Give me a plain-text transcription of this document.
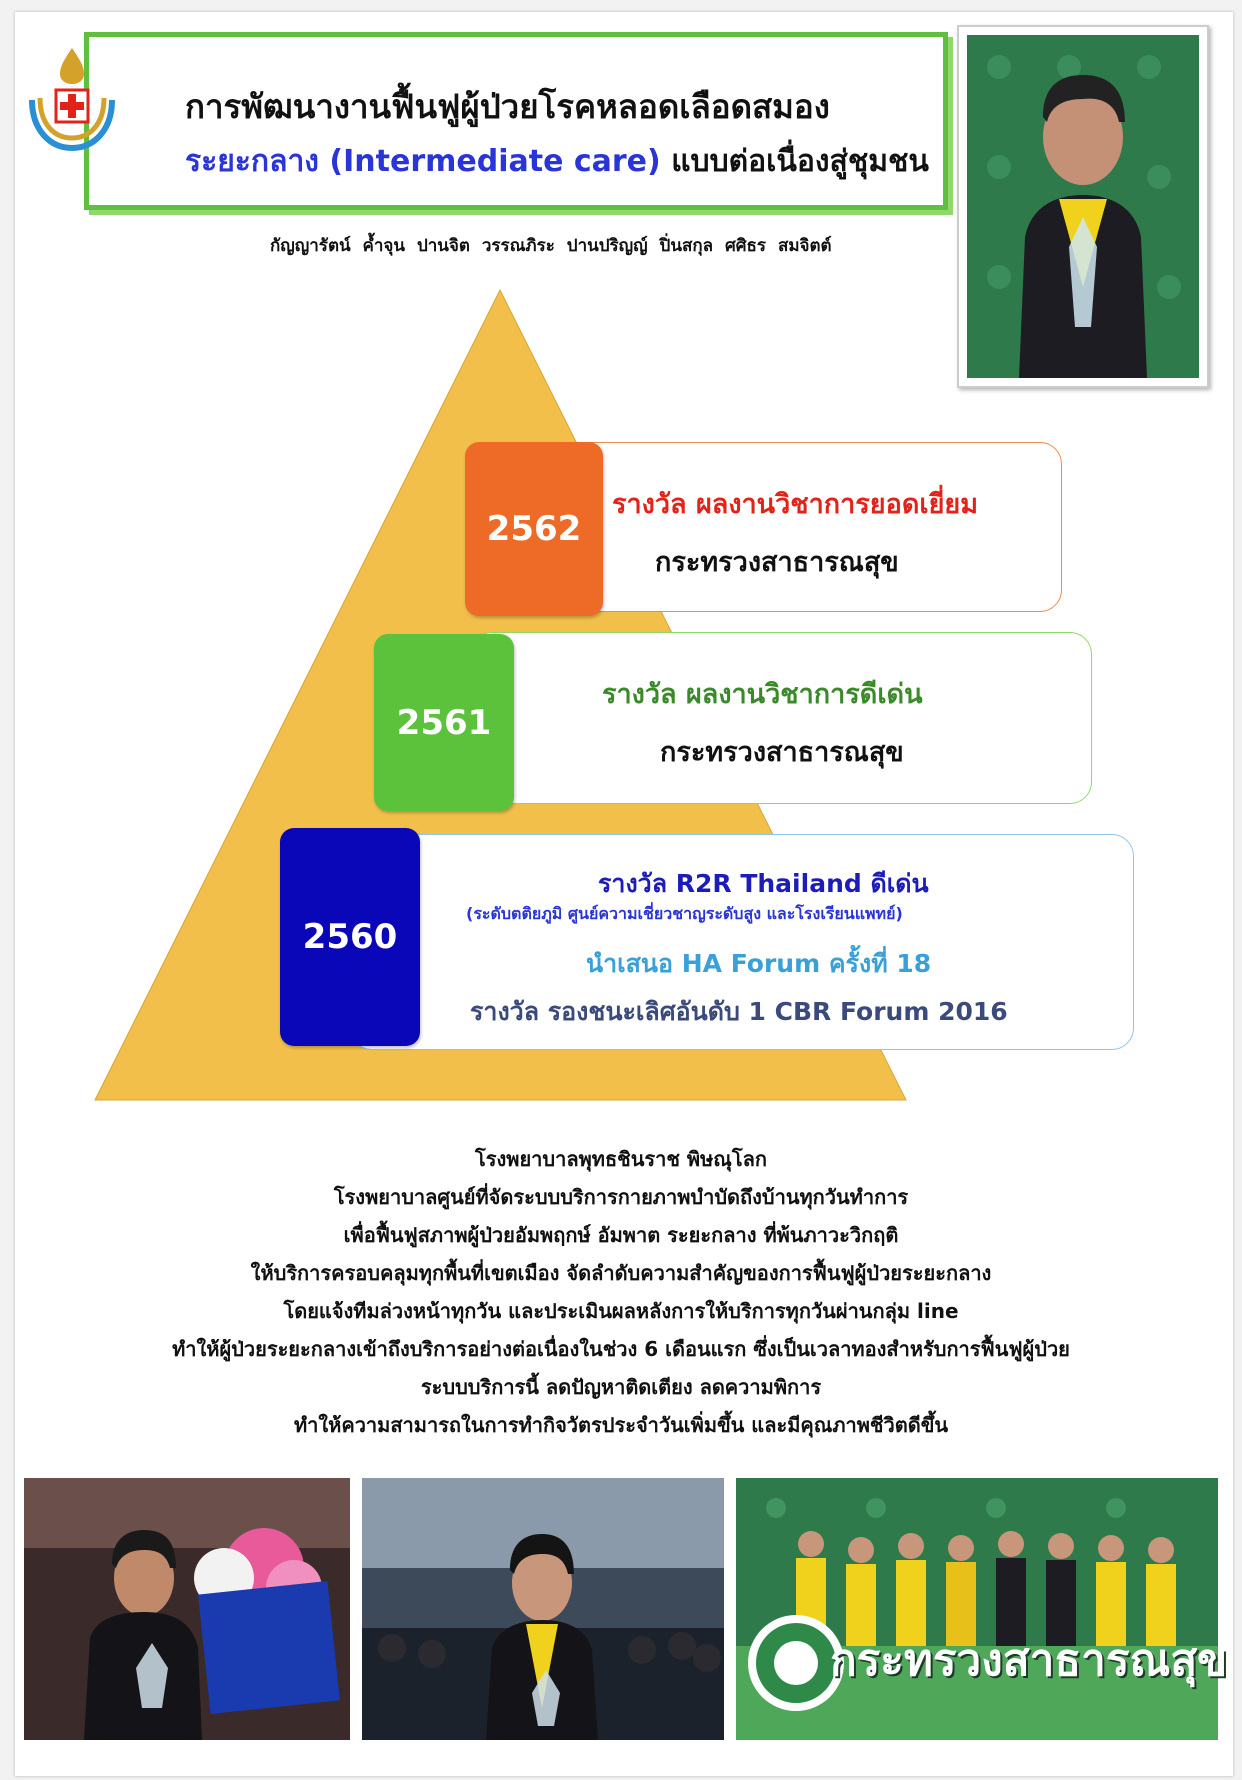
การพัฒนางานฟื้นฟูผู้ป่วยโรคหลอดเลือดสมอง
ระยะกลาง (Intermediate care) แบบต่อเนื่องสู่ชุมชน
กัญญารัตน์ ค้ำจุน ปานจิต วรรณภิระ ปานปริญญ์ ปิ่นสกุล ศศิธร สมจิตต์
2562
รางวัล ผลงานวิชาการยอดเยี่ยม
กระทรวงสาธารณสุข
2561
รางวัล ผลงานวิชาการดีเด่น
กระทรวงสาธารณสุข
2560
รางวัล R2R Thailand ดีเด่น
(ระดับตติยภูมิ ศูนย์ความเชี่ยวชาญระดับสูง และโรงเรียนแพทย์)
นำเสนอ HA Forum ครั้งที่ 18
รางวัล รองชนะเลิศอันดับ 1 CBR Forum 2016
โรงพยาบาลพุทธชินราช พิษณุโลก
โรงพยาบาลศูนย์ที่จัดระบบบริการกายภาพบำบัดถึงบ้านทุกวันทำการ
เพื่อฟื้นฟูสภาพผู้ป่วยอัมพฤกษ์ อัมพาต ระยะกลาง ที่พ้นภาวะวิกฤติ
ให้บริการครอบคลุมทุกพื้นที่เขตเมือง จัดลำดับความสำคัญของการฟื้นฟูผู้ป่วยระยะกลาง
โดยแจ้งทีมล่วงหน้าทุกวัน และประเมินผลหลังการให้บริการทุกวันผ่านกลุ่ม line
ทำให้ผู้ป่วยระยะกลางเข้าถึงบริการอย่างต่อเนื่องในช่วง 6 เดือนแรก ซึ่งเป็นเวลาทองสำหรับการฟื้นฟูผู้ป่วย
ระบบบริการนี้ ลดปัญหาติดเตียง ลดความพิการ
ทำให้ความสามารถในการทำกิจวัตรประจำวันเพิ่มขึ้น และมีคุณภาพชีวิตดีขึ้น
กระทรวงสาธารณสุข
